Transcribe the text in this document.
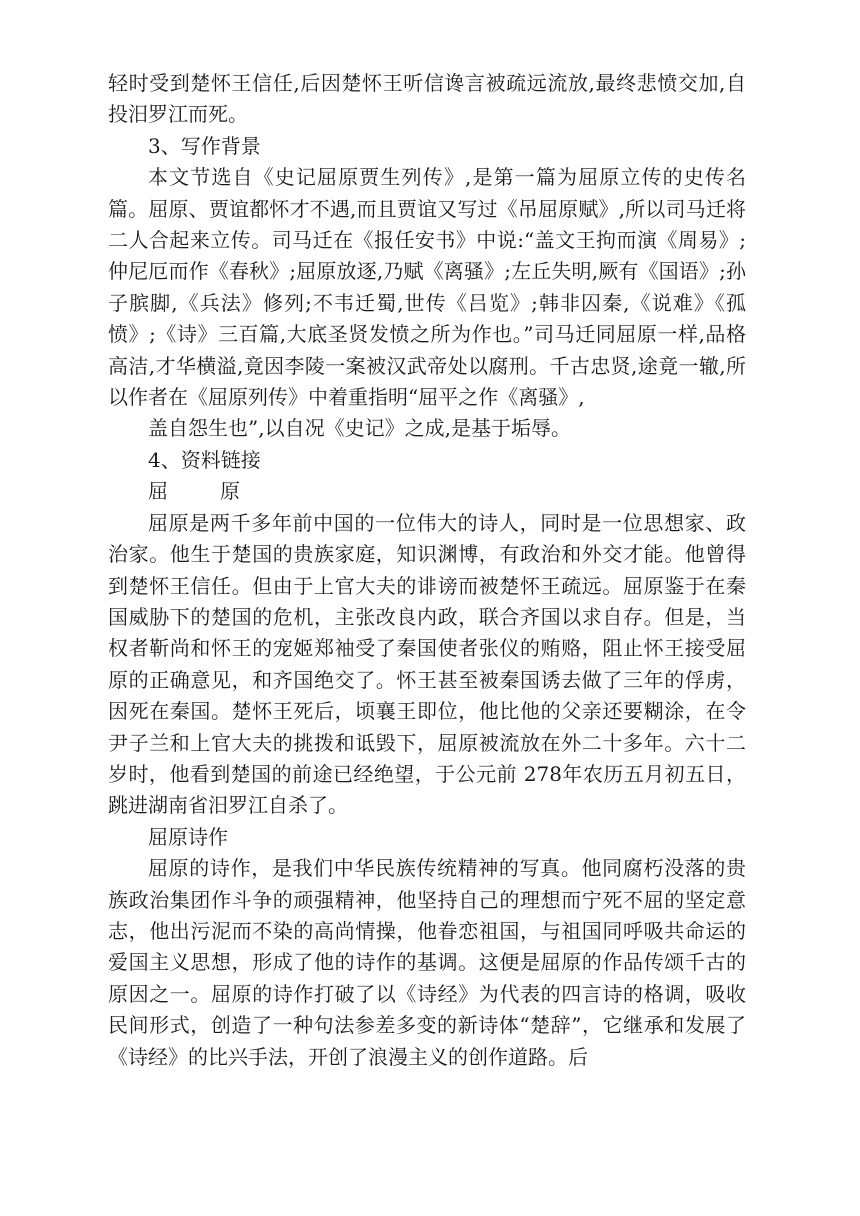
轻时受到楚怀王信任,后因楚怀王听信谗言被疏远流放,最终悲愤交加,自投汨罗江而死。

3、写作背景

本文节选自《史记屈原贾生列传》,是第一篇为屈原立传的史传名篇。屈原、贾谊都怀才不遇,而且贾谊又写过《吊屈原赋》,所以司马迁将二人合起来立传。司马迁在《报任安书》中说:“盖文王拘而演《周易》;仲尼厄而作《春秋》;屈原放逐,乃赋《离骚》;左丘失明,厥有《国语》;孙子膑脚,《兵法》修列;不韦迁蜀,世传《吕览》;韩非囚秦,《说难》《孤愤》;《诗》三百篇,大底圣贤发愤之所为作也。”司马迁同屈原一样,品格高洁,才华横溢,竟因李陵一案被汉武帝处以腐刑。千古忠贤,途竟一辙,所以作者在《屈原列传》中着重指明“屈平之作《离骚》,

盖自怨生也”,以自况《史记》之成,是基于垢辱。

4、资料链接

屈	原

屈原是两千多年前中国的一位伟大的诗人，同时是一位思想家、政治家。他生于楚国的贵族家庭，知识渊博，有政治和外交才能。他曾得到楚怀王信任。但由于上官大夫的诽谤而被楚怀王疏远。屈原鉴于在秦国威胁下的楚国的危机，主张改良内政，联合齐国以求自存。但是，当权者靳尚和怀王的宠姬郑袖受了秦国使者张仪的贿赂，阻止怀王接受屈原的正确意见，和齐国绝交了。怀王甚至被秦国诱去做了三年的俘虏，因死在秦国。楚怀王死后，顷襄王即位，他比他的父亲还要糊涂，在令尹子兰和上官大夫的挑拨和诋毁下，屈原被流放在外二十多年。六十二岁时，他看到楚国的前途已经绝望，于公元前 278年农历五月初五日，跳进湖南省汨罗江自杀了。

屈原诗作

屈原的诗作，是我们中华民族传统精神的写真。他同腐朽没落的贵族政治集团作斗争的顽强精神，他坚持自己的理想而宁死不屈的坚定意志，他出污泥而不染的高尚情操，他眷恋祖国，与祖国同呼吸共命运的爱国主义思想，形成了他的诗作的基调。这便是屈原的作品传颂千古的原因之一。屈原的诗作打破了以《诗经》为代表的四言诗的格调，吸收民间形式，创造了一种句法参差多变的新诗体“楚辞”，它继承和发展了《诗经》的比兴手法，开创了浪漫主义的创作道路。后
